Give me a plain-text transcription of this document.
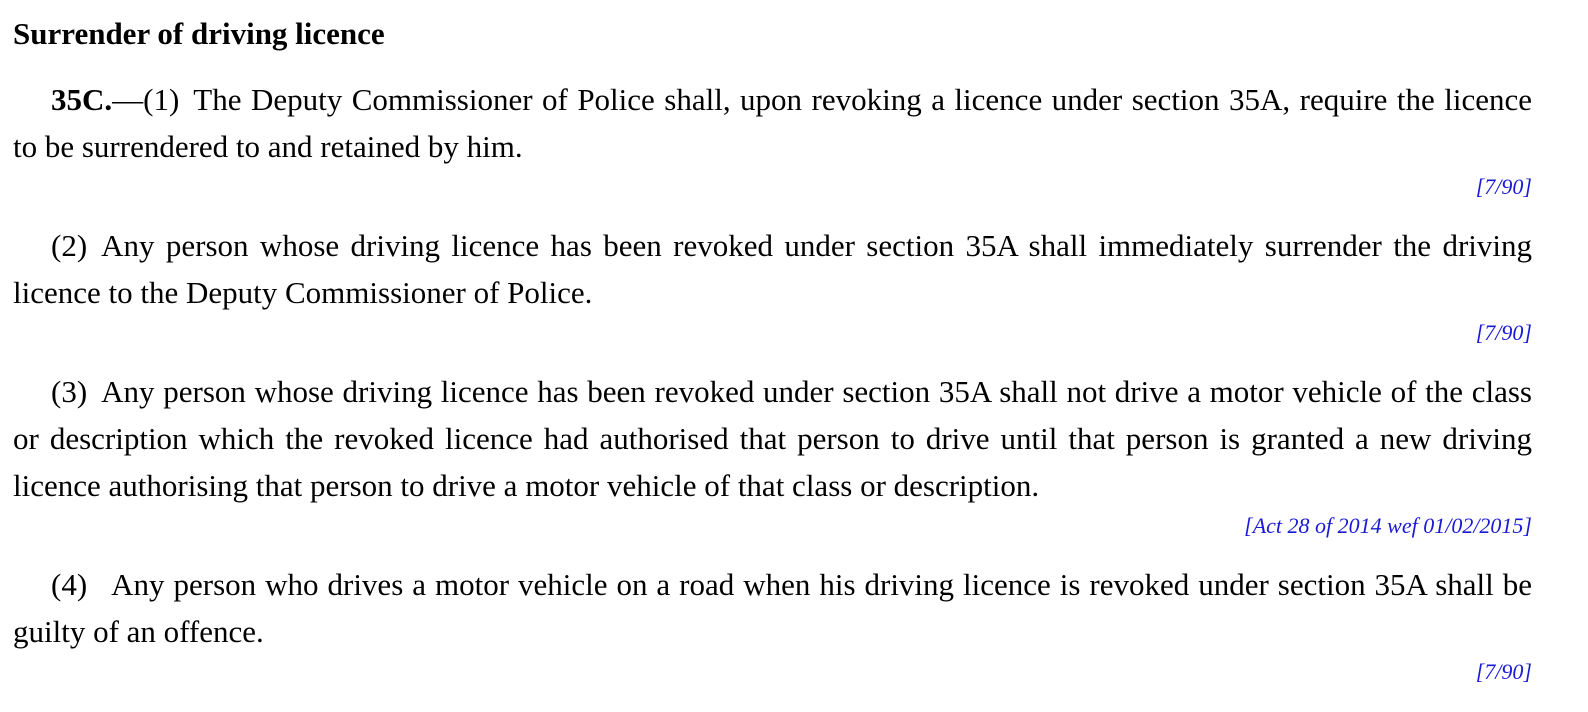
Surrender of driving licence
35C.—(1) The Deputy Commissioner of Police shall, upon revoking a licence under section 35A, require the licence to be surrendered to and retained by him.
[7/90]
(2) Any person whose driving licence has been revoked under section 35A shall immediately surrender the driving licence to the Deputy Commissioner of Police.
[7/90]
(3) Any person whose driving licence has been revoked under section 35A shall not drive a motor vehicle of the class or description which the revoked licence had authorised that person to drive until that person is granted a new driving licence authorising that person to drive a motor vehicle of that class or description.
[Act 28 of 2014 wef 01/02/2015]
(4) Any person who drives a motor vehicle on a road when his driving licence is revoked under section 35A shall be guilty of an offence.
[7/90]
